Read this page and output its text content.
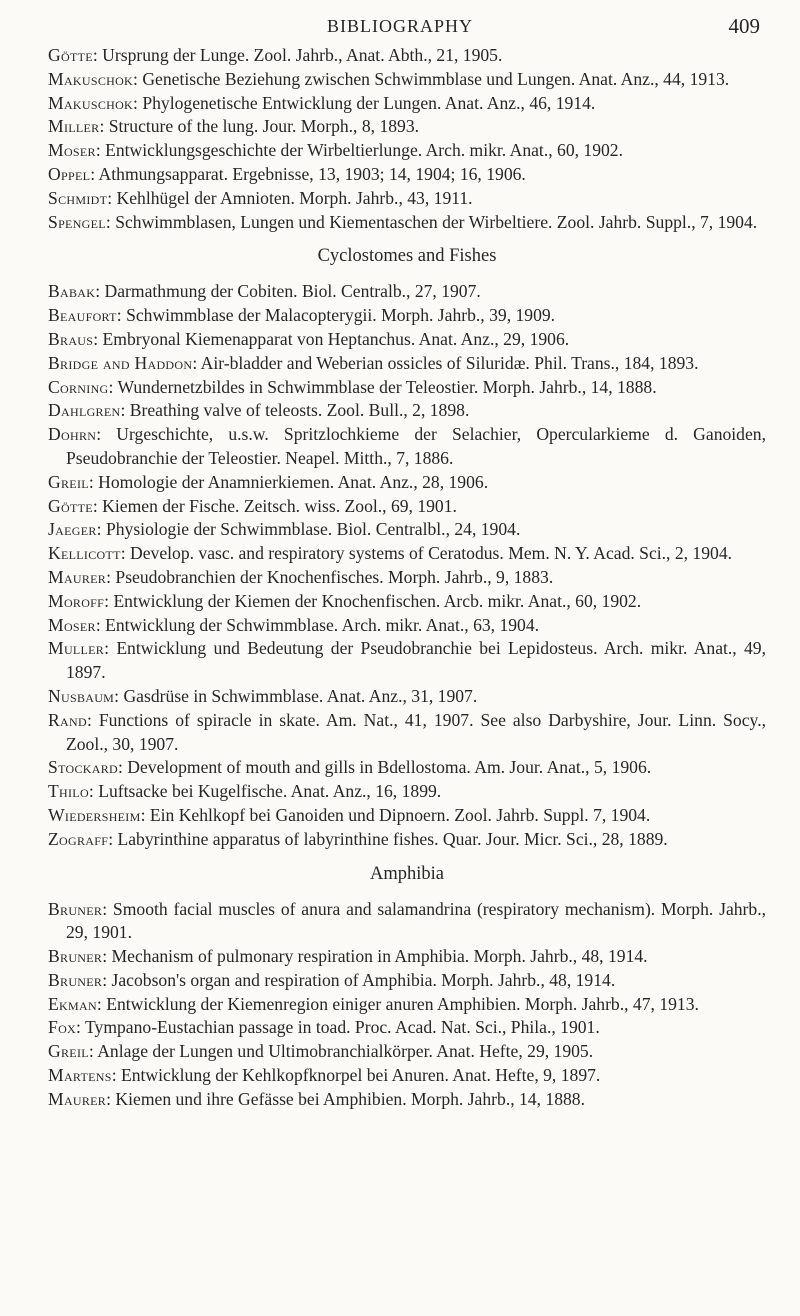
BIBLIOGRAPHY	409

Götte: Ursprung der Lunge. Zool. Jahrb., Anat. Abth., 21, 1905.

Makuschok: Genetische Beziehung zwischen Schwimmblase und Lungen. Anat. Anz., 44, 1913.

Makuschok: Phylogenetische Entwicklung der Lungen. Anat. Anz., 46, 1914.

Miller: Structure of the lung. Jour. Morph., 8, 1893.

Moser: Entwicklungsgeschichte der Wirbeltierlunge. Arch. mikr. Anat., 60, 1902.

Oppel: Athmungsapparat. Ergebnisse, 13, 1903; 14, 1904; 16, 1906.

Schmidt: Kehlhügel der Amnioten. Morph. Jahrb., 43, 1911.

Spengel: Schwimmblasen, Lungen und Kiementaschen der Wirbeltiere. Zool. Jahrb. Suppl., 7, 1904.

Cyclostomes and Fishes

Babak: Darmathmung der Cobiten. Biol. Centralb., 27, 1907.

Beaufort: Schwimmblase der Malacopterygii. Morph. Jahrb., 39, 1909.

Braus: Embryonal Kiemenapparat von Heptanchus. Anat. Anz., 29, 1906.

Bridge and Haddon: Air-bladder and Weberian ossicles of Siluridæ. Phil. Trans., 184, 1893.

Corning: Wundernetzbildes in Schwimmblase der Teleostier. Morph. Jahrb., 14, 1888.

Dahlgren: Breathing valve of teleosts. Zool. Bull., 2, 1898.

Dohrn: Urgeschichte, u.s.w. Spritzlochkieme der Selachier, Opercularkieme d. Ganoiden, Pseudobranchie der Teleostier. Neapel. Mitth., 7, 1886.

Greil: Homologie der Anamnierkiemen. Anat. Anz., 28, 1906.

Götte: Kiemen der Fische. Zeitsch. wiss. Zool., 69, 1901.

Jaeger: Physiologie der Schwimmblase. Biol. Centralbl., 24, 1904.

Kellicott: Develop. vasc. and respiratory systems of Ceratodus. Mem. N. Y. Acad. Sci., 2, 1904.

Maurer: Pseudobranchien der Knochenfisches. Morph. Jahrb., 9, 1883.

Moroff: Entwicklung der Kiemen der Knochenfischen. Arcb. mikr. Anat., 60, 1902.

Moser: Entwicklung der Schwimmblase. Arch. mikr. Anat., 63, 1904.

Muller: Entwicklung und Bedeutung der Pseudobranchie bei Lepidosteus. Arch. mikr. Anat., 49, 1897.

Nusbaum: Gasdrüse in Schwimmblase. Anat. Anz., 31, 1907.

Rand: Functions of spiracle in skate. Am. Nat., 41, 1907. See also Darbyshire, Jour. Linn. Socy., Zool., 30, 1907.

Stockard: Development of mouth and gills in Bdellostoma. Am. Jour. Anat., 5, 1906.

Thilo: Luftsacke bei Kugelfische. Anat. Anz., 16, 1899.

Wiedersheim: Ein Kehlkopf bei Ganoiden und Dipnoern. Zool. Jahrb. Suppl. 7, 1904.

Zograff: Labyrinthine apparatus of labyrinthine fishes. Quar. Jour. Micr. Sci., 28, 1889.

Amphibia

Bruner: Smooth facial muscles of anura and salamandrina (respiratory mechanism). Morph. Jahrb., 29, 1901.

Bruner: Mechanism of pulmonary respiration in Amphibia. Morph. Jahrb., 48, 1914.

Bruner: Jacobson's organ and respiration of Amphibia. Morph. Jahrb., 48, 1914.

Ekman: Entwicklung der Kiemenregion einiger anuren Amphibien. Morph. Jahrb., 47, 1913.

Fox: Tympano-Eustachian passage in toad. Proc. Acad. Nat. Sci., Phila., 1901.

Greil: Anlage der Lungen und Ultimobranchialkörper. Anat. Hefte, 29, 1905.

Martens: Entwicklung der Kehlkopfknorpel bei Anuren. Anat. Hefte, 9, 1897.

Maurer: Kiemen und ihre Gefässe bei Amphibien. Morph. Jahrb., 14, 1888.
